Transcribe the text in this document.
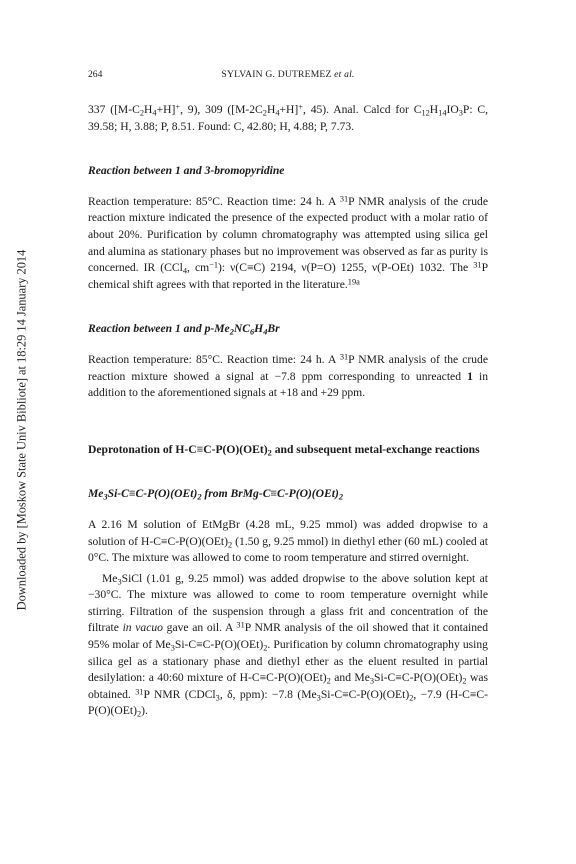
Downloaded by [Moskow State Univ Bibliote] at 18:29 14 January 2014
264	SYLVAIN G. DUTREMEZ et al.

337 ($[M-C_2H_4+H]^+$, 9), 309 ($[M-2C_2H_4+H]^+$, 45). Anal. Calcd for $C_{12}H_{14}IO_3P$: C, 39.58; H, 3.88; P, 8.51. Found: C, 42.80; H, 4.88; P, 7.73.

Reaction between 1 and 3-bromopyridine

Reaction temperature: 85°C. Reaction time: 24 h. A $^{31}$P NMR analysis of the crude reaction mixture indicated the presence of the expected product with a molar ratio of about 20%. Purification by column chromatography was attempted using silica gel and alumina as stationary phases but no improvement was observed as far as purity is concerned. IR (CCl$_4$, $cm^{-1}$): ν(C≡C) 2194, ν(P=O) 1255, ν(P-OEt) 1032. The $^{31}$P chemical shift agrees with that reported in the literature.$^{19a}$

Reaction between 1 and $p-Me_2NC_6H_4Br$

Reaction temperature: 85°C. Reaction time: 24 h. A $^{31}$P NMR analysis of the crude reaction mixture showed a signal at −7.8 ppm corresponding to unreacted 1 in addition to the aforementioned signals at +18 and +29 ppm.

Deprotonation of $H-C\equiv C-P(O)(OEt)_2$ and subsequent metal-exchange reactions

$Me_3Si-C\equiv C-P(O)(OEt)_2$ from BrMg-$C\equiv C-P(O)(OEt)_2$

A 2.16 M solution of EtMgBr (4.28 mL, 9.25 mmol) was added dropwise to a solution of $H-C\equiv C-P(O)(OEt)_2$ (1.50 g, 9.25 mmol) in diethyl ether (60 mL) cooled at 0°C. The mixture was allowed to come to room temperature and stirred overnight.

$Me_3SiCl$ (1.01 g, 9.25 mmol) was added dropwise to the above solution kept at −30°C. The mixture was allowed to come to room temperature overnight while stirring. Filtration of the suspension through a glass frit and concentration of the filtrate in vacuo gave an oil. A $^{31}$P NMR analysis of the oil showed that it contained 95% molar of $Me_3Si-C\equiv C-P(O)(OEt)_2$. Purification by column chromatography using silica gel as a stationary phase and diethyl ether as the eluent resulted in partial desilylation: a 40:60 mixture of $H-C\equiv C-P(O)(OEt)_2$ and $Me_3Si-C\equiv C-P(O)(OEt)_2$ was obtained. $^{31}$P NMR (CDCl$_3$, δ, ppm): −7.8 ($Me_3Si-C\equiv C-P(O)(OEt)_2$, −7.9 $(H-C\equiv C-P(O)(OEt)_2)$.
